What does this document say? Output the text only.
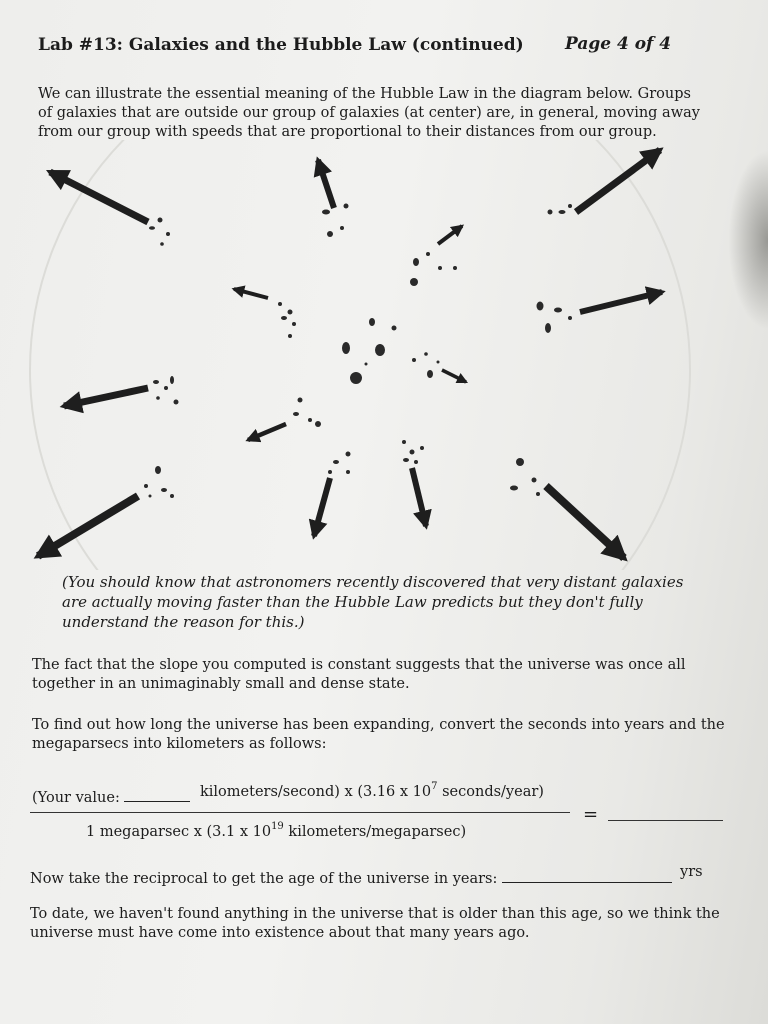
Lab #13: Galaxies and the Hubble Law (continued) Page 4 of 4
We can illustrate the essential meaning of the Hubble Law in the diagram below. Groups of galaxies that are outside our group of galaxies (at center) are, in general, moving away from our group with speeds that are proportional to their distances from our group.
(You should know that astronomers recently discovered that very distant galaxies are actually moving faster than the Hubble Law predicts but they don't fully understand the reason for this.)
The fact that the slope you computed is constant suggests that the universe was once all together in an unimaginably small and dense state.
To find out how long the universe has been expanding, convert the seconds into years and the megaparsecs into kilometers as follows:
(Your value:	kilometers/second) x (3.16 x $10^7$ seconds/year)
=
1 megaparsec x (3.1 x $10^{19}$ kilometers/megaparsec)
Now take the reciprocal to get the age of the universe in years:	yrs
To date, we haven't found anything in the universe that is older than this age, so we think the universe must have come into existence about that many years ago.
